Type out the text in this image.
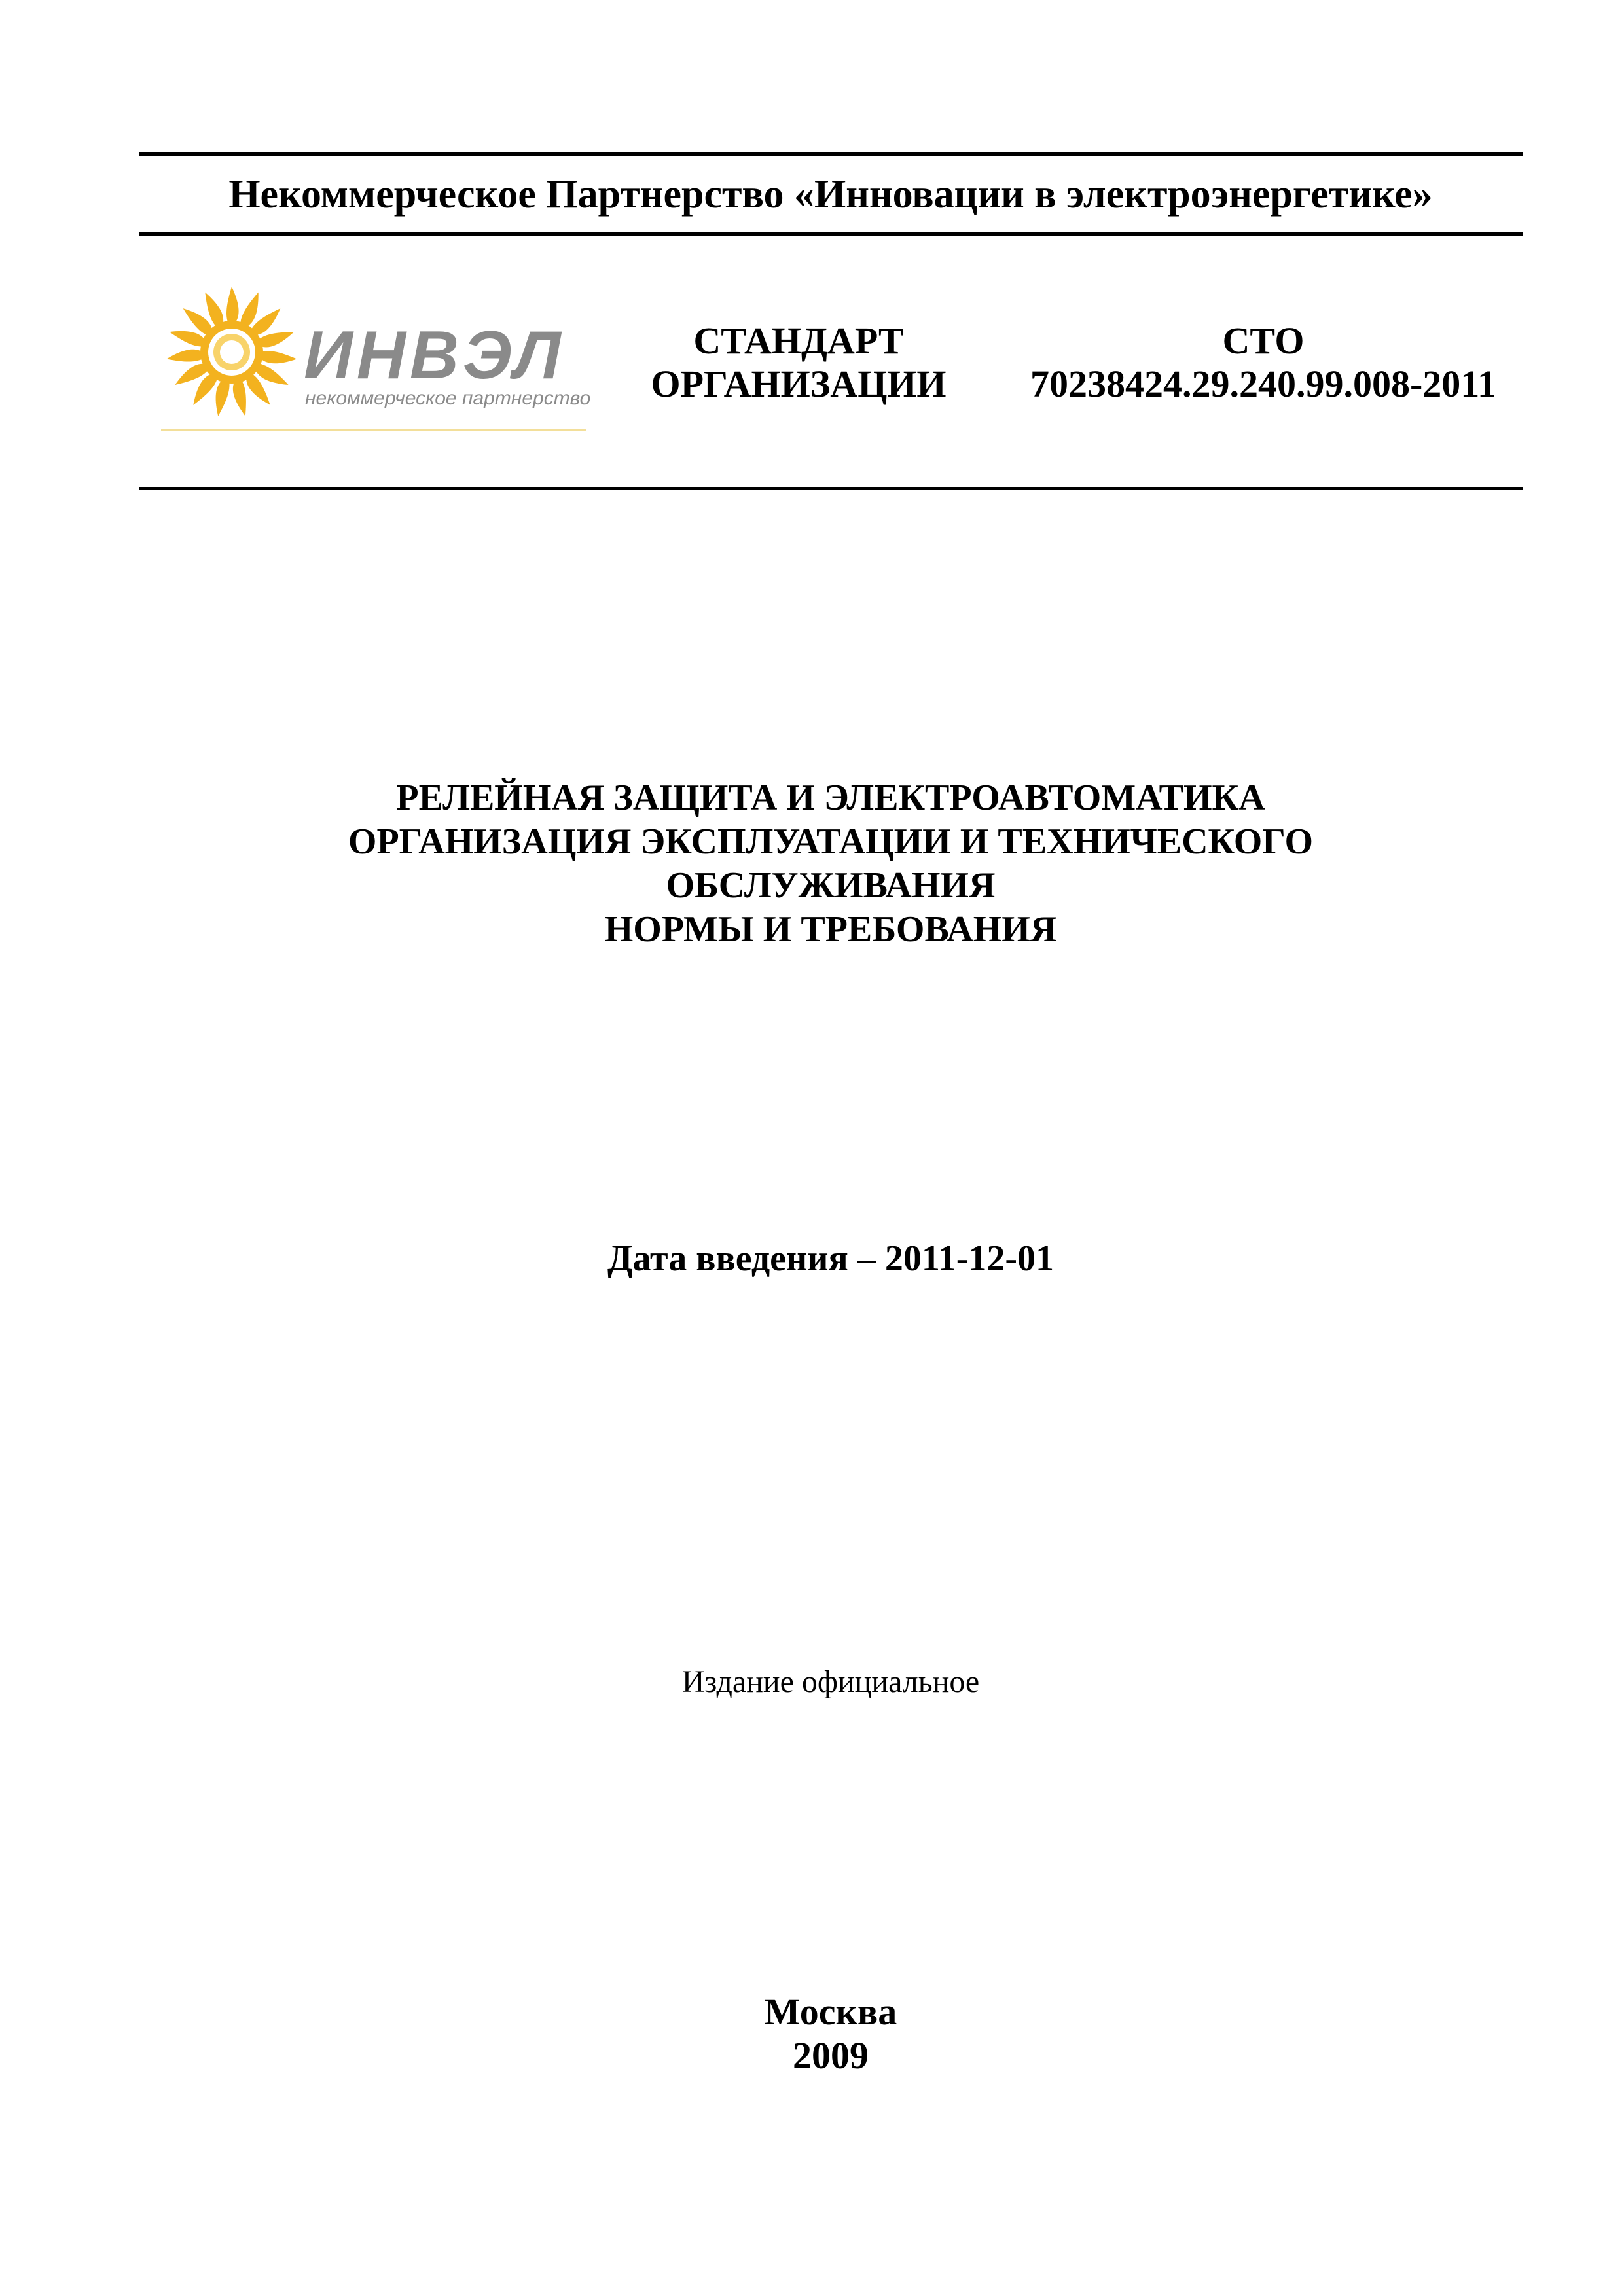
Некоммерческое Партнерство «Инновации в электроэнергетике»
ИНВЭЛ
некоммерческое партнерство
СТАНДАРТ
ОРГАНИЗАЦИИ
СТО
70238424.29.240.99.008-2011
РЕЛЕЙНАЯ ЗАЩИТА И ЭЛЕКТРОАВТОМАТИКА
ОРГАНИЗАЦИЯ ЭКСПЛУАТАЦИИ И ТЕХНИЧЕСКОГО
ОБСЛУЖИВАНИЯ
НОРМЫ И ТРЕБОВАНИЯ
Дата введения – 2011-12-01
Издание официальное
Москва
2009
